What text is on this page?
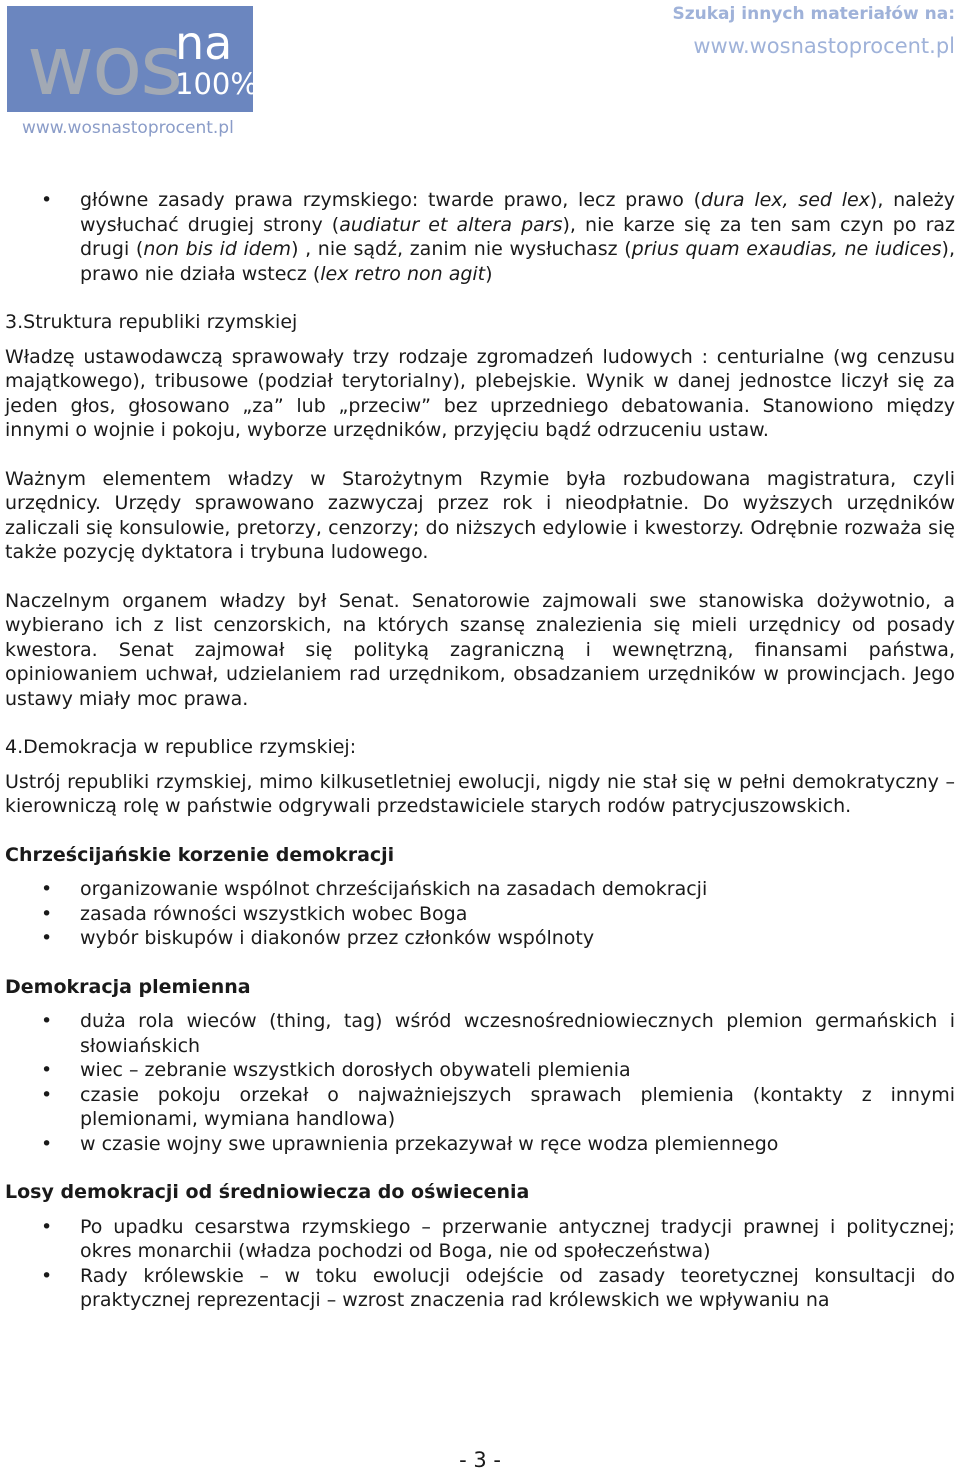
wos
na
100%
www.wosnastoprocent.pl
Szukaj innych materiałów na:
www.wosnastoprocent.pl
• główne zasady prawa rzymskiego: twarde prawo, lecz prawo (dura lex, sed lex), należy wysłuchać drugiej strony (audiatur et altera pars), nie karze się za ten sam czyn po raz drugi (non bis id idem) , nie sądź, zanim nie wysłuchasz (prius quam exaudias, ne iudices), prawo nie działa wstecz (lex retro non agit)

3.Struktura republiki rzymskiej

Władzę ustawodawczą sprawowały trzy rodzaje zgromadzeń ludowych : centurialne (wg cenzusu majątkowego), tribusowe (podział terytorialny), plebejskie. Wynik w danej jednostce liczył się za jeden głos, głosowano „za” lub „przeciw” bez uprzedniego debatowania. Stanowiono między innymi o wojnie i pokoju, wyborze urzędników, przyjęciu bądź odrzuceniu ustaw.

Ważnym elementem władzy w Starożytnym Rzymie była rozbudowana magistratura, czyli urzędnicy. Urzędy sprawowano zazwyczaj przez rok i nieodpłatnie. Do wyższych urzędników zaliczali się konsulowie, pretorzy, cenzorzy; do niższych edylowie i kwestorzy. Odrębnie rozważa się także pozycję dyktatora i trybuna ludowego.

Naczelnym organem władzy był Senat. Senatorowie zajmowali swe stanowiska dożywotnio, a wybierano ich z list cenzorskich, na których szansę znalezienia się mieli urzędnicy od posady kwestora. Senat zajmował się polityką zagraniczną i wewnętrzną, finansami państwa, opiniowaniem uchwał, udzielaniem rad urzędnikom, obsadzaniem urzędników w prowincjach. Jego ustawy miały moc prawa.

4.Demokracja w republice rzymskiej:

Ustrój republiki rzymskiej, mimo kilkusetletniej ewolucji, nigdy nie stał się w pełni demokratyczny – kierowniczą rolę w państwie odgrywali przedstawiciele starych rodów patrycjuszowskich.

Chrześcijańskie korzenie demokracji

• organizowanie wspólnot chrześcijańskich na zasadach demokracji
• zasada równości wszystkich wobec Boga
• wybór biskupów i diakonów przez członków wspólnoty

Demokracja plemienna

• duża rola wieców (thing, tag) wśród wczesnośredniowiecznych plemion germańskich i słowiańskich
• wiec – zebranie wszystkich dorosłych obywateli plemienia
• czasie pokoju orzekał o najważniejszych sprawach plemienia (kontakty z innymi plemionami, wymiana handlowa)
• w czasie wojny swe uprawnienia przekazywał w ręce wodza plemiennego

Losy demokracji od średniowiecza do oświecenia

• Po upadku cesarstwa rzymskiego – przerwanie antycznej tradycji prawnej i politycznej; okres monarchii (władza pochodzi od Boga, nie od społeczeństwa)
• Rady królewskie – w toku ewolucji odejście od zasady teoretycznej konsultacji do praktycznej reprezentacji – wzrost znaczenia rad królewskich we wpływaniu na
- 3 -
